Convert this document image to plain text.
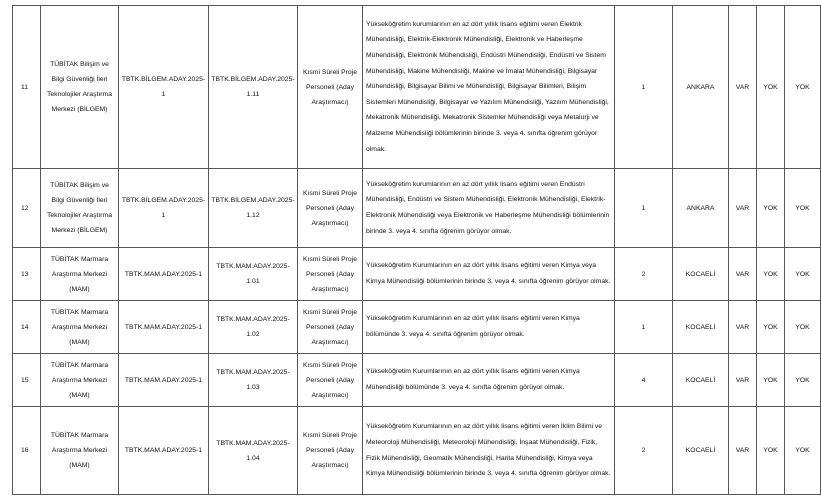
11	TÜBİTAK Bilişim ve Bilgi Güvenliği İleri Teknolojiler Araştırma Merkezi (BİLGEM)	TBTK.BİLGEM.ADAY.2025-1	TBTK.BİLGEM.ADAY.2025-1.11	Kısmi Süreli Proje Personeli (Aday Araştırmacı)	Yükseköğretim kurumlarının en az dört yıllık lisans eğitimi veren Elektrik Mühendisliği, Elektrik-Elektronik Mühendisliği, Elektronik ve Haberleşme Mühendisliği, Elektronik Mühendisliği, Endüstri Mühendisliği, Endüstri ve Sistem Mühendisliği, Makine Mühendisliği, Makine ve İmalat Mühendisliği, Bilgisayar Mühendisliği, Bilgisayar Bilimi ve Mühendisliği, Bilgisayar Bilimleri, Bilişim Sistemleri Mühendisliği, Bilgisayar ve Yazılım Mühendisliği, Yazılım Mühendisliği, Mekatronik Mühendisliği, Mekatronik Sistemler Mühendisliği veya Metalurji ve Malzeme Mühendisliği bölümlerinin birinde 3. veya 4. sınıfta öğrenim görüyor olmak.	1	ANKARA	VAR	YOK	YOK
12	TÜBİTAK Bilişim ve Bilgi Güvenliği İleri Teknolojiler Araştırma Merkezi (BİLGEM)	TBTK.BİLGEM.ADAY.2025-1	TBTK.BİLGEM.ADAY.2025-1.12	Kısmi Süreli Proje Personeli (Aday Araştırmacı)	Yükseköğretim kurumlarının en az dört yıllık lisans eğitimi veren Endüstri Mühendisliği, Endüstri ve Sistem Mühendisliği, Elektronik Mühendisliği, Elektrik- Elektronik Mühendisliği veya Elektronik ve Haberleşme Mühendisliği bölümlerinin birinde 3. veya 4. sınıfta öğrenim görüyor olmak.	1	ANKARA	VAR	YOK	YOK
13	TÜBİTAK Marmara Araştırma Merkezi (MAM)	TBTK.MAM.ADAY.2025-1	TBTK.MAM.ADAY.2025-1.01	Kısmi Süreli Proje Personeli (Aday Araştırmacı)	Yükseköğretim Kurumlarının en az dört yıllık lisans eğitimi veren Kimya veya Kimya Mühendisliği bölümlerinin birinde 3. veya 4. sınıfta öğrenim görüyor olmak.	2	KOCAELİ	VAR	YOK	YOK
14	TÜBİTAK Marmara Araştırma Merkezi (MAM)	TBTK.MAM.ADAY.2025-1	TBTK.MAM.ADAY.2025-1.02	Kısmi Süreli Proje Personeli (Aday Araştırmacı)	Yükseköğretim Kurumlarının en az dört yıllık lisans eğitimi veren Kimya bölümünde 3. veya 4. sınıfta öğrenim görüyor olmak.	1	KOCAELİ	VAR	YOK	YOK
15	TÜBİTAK Marmara Araştırma Merkezi (MAM)	TBTK.MAM.ADAY.2025-1	TBTK.MAM.ADAY.2025-1.03	Kısmi Süreli Proje Personeli (Aday Araştırmacı)	Yükseköğretim Kurumlarının en az dört yıllık lisans eğitimi veren Kimya Mühendisliği bölümünde 3. veya 4. sınıfta öğrenim görüyor olmak.	4	KOCAELİ	VAR	YOK	YOK
16	TÜBİTAK Marmara Araştırma Merkezi (MAM)	TBTK.MAM.ADAY.2025-1	TBTK.MAM.ADAY.2025-1.04	Kısmi Süreli Proje Personeli (Aday Araştırmacı)	Yükseköğretim Kurumlarının en az dört yıllık lisans eğitimi veren İklim Bilimi ve Meteoroloji Mühendisliği, Meteoroloji Mühendisliği, İnşaat Mühendisliği, Fizik, Fizik Mühendisliği, Geomatik Mühendisliği, Harita Mühendisliği, Kimya veya Kimya Mühendisliği bölümlerinin birinde 3. veya 4. sınıfta öğrenim görüyor olmak.	2	KOCAELİ	VAR	YOK	YOK
